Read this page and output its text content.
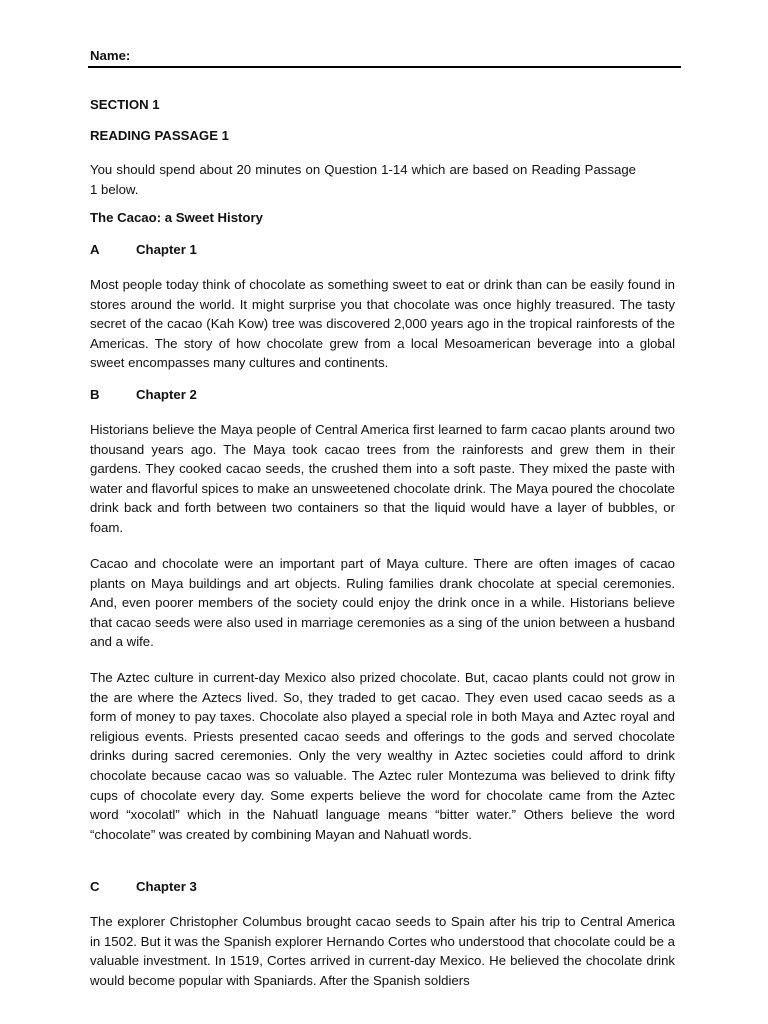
Name:

SECTION 1

READING PASSAGE 1

You should spend about 20 minutes on Question 1-14 which are based on Reading Passage 1 below.

The Cacao: a Sweet History
A	Chapter 1

Most people today think of chocolate as something sweet to eat or drink than can be easily found in stores around the world. It might surprise you that chocolate was once highly treasured. The tasty secret of the cacao (Kah Kow) tree was discovered 2,000 years ago in the tropical rainforests of the Americas. The story of how chocolate grew from a local Mesoamerican beverage into a global sweet encompasses many cultures and continents.

B	Chapter 2

Historians believe the Maya people of Central America first learned to farm cacao plants around two thousand years ago. The Maya took cacao trees from the rainforests and grew them in their gardens. They cooked cacao seeds, the crushed them into a soft paste. They mixed the paste with water and flavorful spices to make an unsweetened chocolate drink. The Maya poured the chocolate drink back and forth between two containers so that the liquid would have a layer of bubbles, or foam.

Cacao and chocolate were an important part of Maya culture. There are often images of cacao plants on Maya buildings and art objects. Ruling families drank chocolate at special ceremonies. And, even poorer members of the society could enjoy the drink once in a while. Historians believe that cacao seeds were also used in marriage ceremonies as a sing of the union between a husband and a wife.

The Aztec culture in current-day Mexico also prized chocolate. But, cacao plants could not grow in the are where the Aztecs lived. So, they traded to get cacao. They even used cacao seeds as a form of money to pay taxes. Chocolate also played a special role in both Maya and Aztec royal and religious events. Priests presented cacao seeds and offerings to the gods and served chocolate drinks during sacred ceremonies. Only the very wealthy in Aztec societies could afford to drink chocolate because cacao was so valuable. The Aztec ruler Montezuma was believed to drink fifty cups of chocolate every day. Some experts believe the word for chocolate came from the Aztec word “xocolatl” which in the Nahuatl language means “bitter water.” Others believe the word “chocolate” was created by combining Mayan and Nahuatl words.

C	Chapter 3

The explorer Christopher Columbus brought cacao seeds to Spain after his trip to Central America in 1502. But it was the Spanish explorer Hernando Cortes who understood that chocolate could be a valuable investment. In 1519, Cortes arrived in current-day Mexico. He believed the chocolate drink would become popular with Spaniards. After the Spanish soldiers
